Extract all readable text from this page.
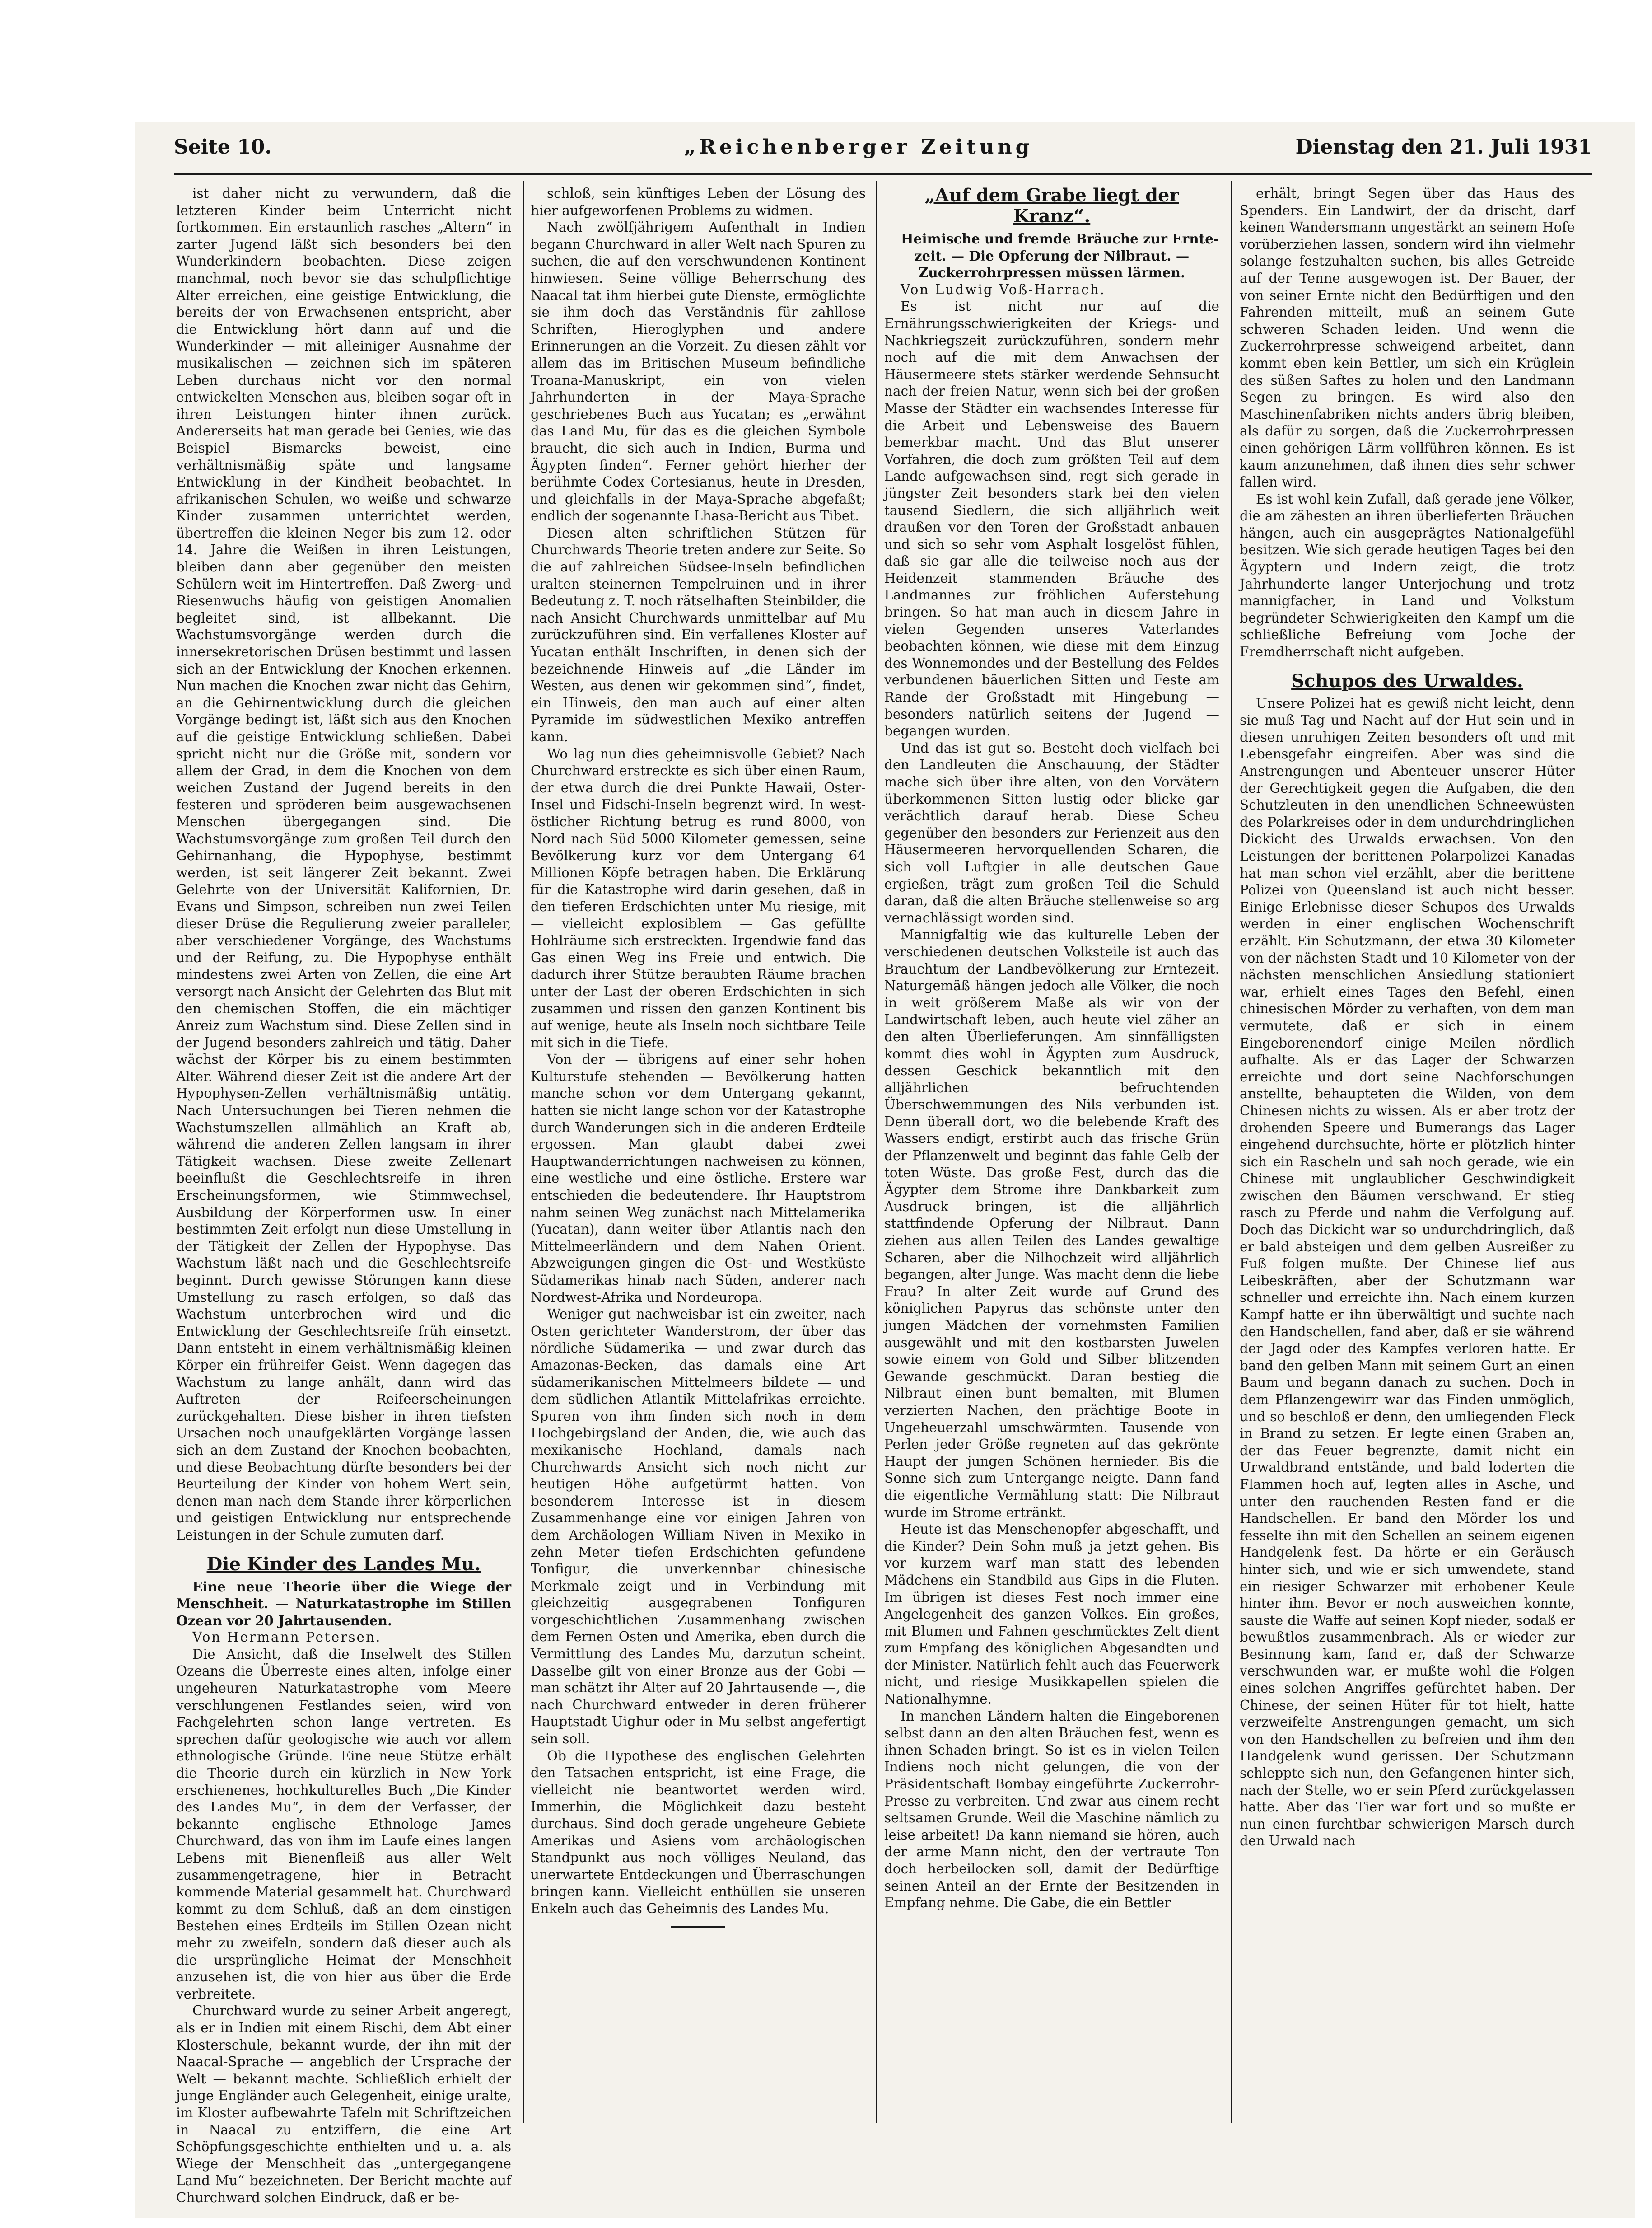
Seite 10.	„Reichenberger Zeitung	Dienstag den 21. Juli 1931

ist daher nicht zu verwundern, daß die letzteren Kinder beim Unterricht nicht fortkommen. Ein erstaunlich rasches „Altern“ in zarter Jugend läßt sich besonders bei den Wunderkindern beobachten. Diese zeigen manchmal, noch bevor sie das schulpflichtige Alter erreichen, eine geistige Entwicklung, die bereits der von Erwachsenen entspricht, aber die Entwicklung hört dann auf und die Wunderkinder — mit alleiniger Ausnahme der musikalischen — zeichnen sich im späteren Leben durchaus nicht vor den normal entwickelten Menschen aus, bleiben sogar oft in ihren Leistungen hinter ihnen zurück. Andererseits hat man gerade bei Genies, wie das Beispiel Bismarcks beweist, eine verhältnismäßig späte und langsame Entwicklung in der Kindheit beobachtet. In afrikanischen Schulen, wo weiße und schwarze Kinder zusammen unterrichtet werden, übertreffen die kleinen Neger bis zum 12. oder 14. Jahre die Weißen in ihren Leistungen, bleiben dann aber gegenüber den meisten Schülern weit im Hintertreffen. Daß Zwerg- und Riesenwuchs häufig von geistigen Anomalien begleitet sind, ist allbekannt. Die Wachstumsvorgänge werden durch die innersekretorischen Drüsen bestimmt und lassen sich an der Entwicklung der Knochen erkennen. Nun machen die Knochen zwar nicht das Gehirn, an die Gehirnentwicklung durch die gleichen Vorgänge bedingt ist, läßt sich aus den Knochen auf die geistige Entwicklung schließen. Dabei spricht nicht nur die Größe mit, sondern vor allem der Grad, in dem die Knochen von dem weichen Zustand der Jugend bereits in den festeren und spröderen beim ausgewachsenen Menschen übergegangen sind. Die Wachstumsvorgänge zum großen Teil durch den Gehirnanhang, die Hypophyse, bestimmt werden, ist seit längerer Zeit bekannt. Zwei Gelehrte von der Universität Kalifornien, Dr. Evans und Simpson, schreiben nun zwei Teilen dieser Drüse die Regulierung zweier paralleler, aber verschiedener Vorgänge, des Wachstums und der Reifung, zu. Die Hypophyse enthält mindestens zwei Arten von Zellen, die eine Art versorgt nach Ansicht der Gelehrten das Blut mit den chemischen Stoffen, die ein mächtiger Anreiz zum Wachstum sind. Diese Zellen sind in der Jugend besonders zahlreich und tätig. Daher wächst der Körper bis zu einem bestimmten Alter. Während dieser Zeit ist die andere Art der Hypophysen-Zellen verhältnismäßig untätig. Nach Untersuchungen bei Tieren nehmen die Wachstumszellen allmählich an Kraft ab, während die anderen Zellen langsam in ihrer Tätigkeit wachsen. Diese zweite Zellenart beeinflußt die Geschlechtsreife in ihren Erscheinungsformen, wie Stimmwechsel, Ausbildung der Körperformen usw. In einer bestimmten Zeit erfolgt nun diese Umstellung in der Tätigkeit der Zellen der Hypophyse. Das Wachstum läßt nach und die Geschlechtsreife beginnt. Durch gewisse Störungen kann diese Umstellung zu rasch erfolgen, so daß das Wachstum unterbrochen wird und die Entwicklung der Geschlechtsreife früh einsetzt. Dann entsteht in einem verhältnismäßig kleinen Körper ein frühreifer Geist. Wenn dagegen das Wachstum zu lange anhält, dann wird das Auftreten der Reifeerscheinungen zurückgehalten. Diese bisher in ihren tiefsten Ursachen noch unaufgeklärten Vorgänge lassen sich an dem Zustand der Knochen beobachten, und diese Beobachtung dürfte besonders bei der Beurteilung der Kinder von hohem Wert sein, denen man nach dem Stande ihrer körperlichen und geistigen Entwicklung nur entsprechende Leistungen in der Schule zumuten darf.

Die Kinder des Landes Mu.

Eine neue Theorie über die Wiege der Menschheit. — Naturkatastrophe im Stillen Ozean vor 20 Jahrtausenden.

Von Hermann Petersen.

Die Ansicht, daß die Inselwelt des Stillen Ozeans die Überreste eines alten, infolge einer ungeheuren Naturkatastrophe vom Meere verschlungenen Festlandes seien, wird von Fachgelehrten schon lange vertreten. Es sprechen dafür geologische wie auch vor allem ethnologische Gründe. Eine neue Stütze erhält die Theorie durch ein kürzlich in New York erschienenes, hochkulturelles Buch „Die Kinder des Landes Mu“, in dem der Verfasser, der bekannte englische Ethnologe James Churchward, das von ihm im Laufe eines langen Lebens mit Bienenfleiß aus aller Welt zusammengetragene, hier in Betracht kommende Material gesammelt hat. Churchward kommt zu dem Schluß, daß an dem einstigen Bestehen eines Erdteils im Stillen Ozean nicht mehr zu zweifeln, sondern daß dieser auch als die ursprüngliche Heimat der Menschheit anzusehen ist, die von hier aus über die Erde verbreitete.

Churchward wurde zu seiner Arbeit angeregt, als er in Indien mit einem Rischi, dem Abt einer Klosterschule, bekannt wurde, der ihn mit der Naacal-Sprache — angeblich der Ursprache der Welt — bekannt machte. Schließlich erhielt der junge Engländer auch Gelegenheit, einige uralte, im Kloster aufbewahrte Tafeln mit Schriftzeichen in Naacal zu entziffern, die eine Art Schöpfungsgeschichte enthielten und u. a. als Wiege der Menschheit das „untergegangene Land Mu“ bezeichneten. Der Bericht machte auf Churchward solchen Eindruck, daß er be-

schloß, sein künftiges Leben der Lösung des hier aufgeworfenen Problems zu widmen.

Nach zwölfjährigem Aufenthalt in Indien begann Churchward in aller Welt nach Spuren zu suchen, die auf den verschwundenen Kontinent hinwiesen. Seine völlige Beherrschung des Naacal tat ihm hierbei gute Dienste, ermöglichte sie ihm doch das Verständnis für zahllose Schriften, Hieroglyphen und andere Erinnerungen an die Vorzeit. Zu diesen zählt vor allem das im Britischen Museum befindliche Troana-Manuskript, ein von vielen Jahrhunderten in der Maya-Sprache geschriebenes Buch aus Yucatan; es „erwähnt das Land Mu, für das es die gleichen Symbole braucht, die sich auch in Indien, Burma und Ägypten finden“. Ferner gehört hierher der berühmte Codex Cortesianus, heute in Dresden, und gleichfalls in der Maya-Sprache abgefaßt; endlich der sogenannte Lhasa-Bericht aus Tibet.

Diesen alten schriftlichen Stützen für Churchwards Theorie treten andere zur Seite. So die auf zahlreichen Südsee-Inseln befindlichen uralten steinernen Tempelruinen und in ihrer Bedeutung z. T. noch rätselhaften Steinbilder, die nach Ansicht Churchwards unmittelbar auf Mu zurückzuführen sind. Ein verfallenes Kloster auf Yucatan enthält Inschriften, in denen sich der bezeichnende Hinweis auf „die Länder im Westen, aus denen wir gekommen sind“, findet, ein Hinweis, den man auch auf einer alten Pyramide im südwestlichen Mexiko antreffen kann.

Wo lag nun dies geheimnisvolle Gebiet? Nach Churchward erstreckte es sich über einen Raum, der etwa durch die drei Punkte Hawaii, Oster-Insel und Fidschi-Inseln begrenzt wird. In west-östlicher Richtung betrug es rund 8000, von Nord nach Süd 5000 Kilometer gemessen, seine Bevölkerung kurz vor dem Untergang 64 Millionen Köpfe betragen haben. Die Erklärung für die Katastrophe wird darin gesehen, daß in den tieferen Erdschichten unter Mu riesige, mit — vielleicht explosiblem — Gas gefüllte Hohlräume sich erstreckten. Irgendwie fand das Gas einen Weg ins Freie und entwich. Die dadurch ihrer Stütze beraubten Räume brachen unter der Last der oberen Erdschichten in sich zusammen und rissen den ganzen Kontinent bis auf wenige, heute als Inseln noch sichtbare Teile mit sich in die Tiefe.

Von der — übrigens auf einer sehr hohen Kulturstufe stehenden — Bevölkerung hatten manche schon vor dem Untergang gekannt, hatten sie nicht lange schon vor der Katastrophe durch Wanderungen sich in die anderen Erdteile ergossen. Man glaubt dabei zwei Hauptwanderrichtungen nachweisen zu können, eine westliche und eine östliche. Erstere war entschieden die bedeutendere. Ihr Hauptstrom nahm seinen Weg zunächst nach Mittelamerika (Yucatan), dann weiter über Atlantis nach den Mittelmeerländern und dem Nahen Orient. Abzweigungen gingen die Ost- und Westküste Südamerikas hinab nach Süden, anderer nach Nordwest-Afrika und Nordeuropa.

Weniger gut nachweisbar ist ein zweiter, nach Osten gerichteter Wanderstrom, der über das nördliche Südamerika — und zwar durch das Amazonas-Becken, das damals eine Art südamerikanischen Mittelmeers bildete — und dem südlichen Atlantik Mittelafrikas erreichte. Spuren von ihm finden sich noch in dem Hochgebirgsland der Anden, die, wie auch das mexikanische Hochland, damals nach Churchwards Ansicht sich noch nicht zur heutigen Höhe aufgetürmt hatten. Von besonderem Interesse ist in diesem Zusammenhange eine vor einigen Jahren von dem Archäologen William Niven in Mexiko in zehn Meter tiefen Erdschichten gefundene Tonfigur, die unverkennbar chinesische Merkmale zeigt und in Verbindung mit gleichzeitig ausgegrabenen Tonfiguren vorgeschichtlichen Zusammenhang zwischen dem Fernen Osten und Amerika, eben durch die Vermittlung des Landes Mu, darzutun scheint. Dasselbe gilt von einer Bronze aus der Gobi — man schätzt ihr Alter auf 20 Jahrtausende —, die nach Churchward entweder in deren früherer Hauptstadt Uighur oder in Mu selbst angefertigt sein soll.

Ob die Hypothese des englischen Gelehrten den Tatsachen entspricht, ist eine Frage, die vielleicht nie beantwortet werden wird. Immerhin, die Möglichkeit dazu besteht durchaus. Sind doch gerade ungeheure Gebiete Amerikas und Asiens vom archäologischen Standpunkt aus noch völliges Neuland, das unerwartete Entdeckungen und Überraschungen bringen kann. Vielleicht enthüllen sie unseren Enkeln auch das Geheimnis des Landes Mu.

„Auf dem Grabe liegt der Kranz“.

Heimische und fremde Bräuche zur Ernte-zeit. — Die Opferung der Nilbraut. — Zuckerrohrpressen müssen lärmen.

Von Ludwig Voß-Harrach.

Es ist nicht nur auf die Ernährungsschwierigkeiten der Kriegs- und Nachkriegszeit zurückzuführen, sondern mehr noch auf die mit dem Anwachsen der Häusermeere stets stärker werdende Sehnsucht nach der freien Natur, wenn sich bei der großen Masse der Städter ein wachsendes Interesse für die Arbeit und Lebensweise des Bauern bemerkbar macht. Und das Blut unserer Vorfahren, die doch zum größten Teil auf dem Lande aufgewachsen sind, regt sich gerade in jüngster Zeit besonders stark bei den vielen tausend Siedlern, die sich alljährlich weit draußen vor den Toren der Großstadt anbauen und sich so sehr vom Asphalt losgelöst fühlen, daß sie gar alle die teilweise noch aus der Heidenzeit stammenden Bräuche des Landmannes zur fröhlichen Auferstehung bringen. So hat man auch in diesem Jahre in vielen Gegenden unseres Vaterlandes beobachten können, wie diese mit dem Einzug des Wonnemondes und der Bestellung des Feldes verbundenen bäuerlichen Sitten und Feste am Rande der Großstadt mit Hingebung — besonders natürlich seitens der Jugend — begangen wurden.

Und das ist gut so. Besteht doch vielfach bei den Landleuten die Anschauung, der Städter mache sich über ihre alten, von den Vorvätern überkommenen Sitten lustig oder blicke gar verächtlich darauf herab. Diese Scheu gegenüber den besonders zur Ferienzeit aus den Häusermeeren hervorquellenden Scharen, die sich voll Luftgier in alle deutschen Gaue ergießen, trägt zum großen Teil die Schuld daran, daß die alten Bräuche stellenweise so arg vernachlässigt worden sind.

Mannigfaltig wie das kulturelle Leben der verschiedenen deutschen Volksteile ist auch das Brauchtum der Landbevölkerung zur Erntezeit. Naturgemäß hängen jedoch alle Völker, die noch in weit größerem Maße als wir von der Landwirtschaft leben, auch heute viel zäher an den alten Überlieferungen. Am sinnfälligsten kommt dies wohl in Ägypten zum Ausdruck, dessen Geschick bekanntlich mit den alljährlichen befruchtenden Überschwemmungen des Nils verbunden ist. Denn überall dort, wo die belebende Kraft des Wassers endigt, erstirbt auch das frische Grün der Pflanzenwelt und beginnt das fahle Gelb der toten Wüste. Das große Fest, durch das die Ägypter dem Strome ihre Dankbarkeit zum Ausdruck bringen, ist die alljährlich stattfindende Opferung der Nilbraut. Dann ziehen aus allen Teilen des Landes gewaltige Scharen, aber die Nilhochzeit wird alljährlich begangen, alter Junge. Was macht denn die liebe Frau? In alter Zeit wurde auf Grund des königlichen Papyrus das schönste unter den jungen Mädchen der vornehmsten Familien ausgewählt und mit den kostbarsten Juwelen sowie einem von Gold und Silber blitzenden Gewande geschmückt. Daran bestieg die Nilbraut einen bunt bemalten, mit Blumen verzierten Nachen, den prächtige Boote in Ungeheuerzahl umschwärmten. Tausende von Perlen jeder Größe regneten auf das gekrönte Haupt der jungen Schönen hernieder. Bis die Sonne sich zum Untergange neigte. Dann fand die eigentliche Vermählung statt: Die Nilbraut wurde im Strome ertränkt.

Heute ist das Menschenopfer abgeschafft, und die Kinder? Dein Sohn muß ja jetzt gehen. Bis vor kurzem warf man statt des lebenden Mädchens ein Standbild aus Gips in die Fluten. Im übrigen ist dieses Fest noch immer eine Angelegenheit des ganzen Volkes. Ein großes, mit Blumen und Fahnen geschmücktes Zelt dient zum Empfang des königlichen Abgesandten und der Minister. Natürlich fehlt auch das Feuerwerk nicht, und riesige Musikkapellen spielen die Nationalhymne.

In manchen Ländern halten die Eingeborenen selbst dann an den alten Bräuchen fest, wenn es ihnen Schaden bringt. So ist es in vielen Teilen Indiens noch nicht gelungen, die von der Präsidentschaft Bombay eingeführte Zuckerrohr-Presse zu verbreiten. Und zwar aus einem recht seltsamen Grunde. Weil die Maschine nämlich zu leise arbeitet! Da kann niemand sie hören, auch der arme Mann nicht, den der vertraute Ton doch herbeilocken soll, damit der Bedürftige seinen Anteil an der Ernte der Besitzenden in Empfang nehme. Die Gabe, die ein Bettler

erhält, bringt Segen über das Haus des Spenders. Ein Landwirt, der da drischt, darf keinen Wandersmann ungestärkt an seinem Hofe vorüberziehen lassen, sondern wird ihn vielmehr solange festzuhalten suchen, bis alles Getreide auf der Tenne ausgewogen ist. Der Bauer, der von seiner Ernte nicht den Bedürftigen und den Fahrenden mitteilt, muß an seinem Gute schweren Schaden leiden. Und wenn die Zuckerrohrpresse schweigend arbeitet, dann kommt eben kein Bettler, um sich ein Krüglein des süßen Saftes zu holen und den Landmann Segen zu bringen. Es wird also den Maschinenfabriken nichts anders übrig bleiben, als dafür zu sorgen, daß die Zuckerrohrpressen einen gehörigen Lärm vollführen können. Es ist kaum anzunehmen, daß ihnen dies sehr schwer fallen wird.

Es ist wohl kein Zufall, daß gerade jene Völker, die am zähesten an ihren überlieferten Bräuchen hängen, auch ein ausgeprägtes Nationalgefühl besitzen. Wie sich gerade heutigen Tages bei den Ägyptern und Indern zeigt, die trotz Jahrhunderte langer Unterjochung und trotz mannigfacher, in Land und Volkstum begründeter Schwierigkeiten den Kampf um die schließliche Befreiung vom Joche der Fremdherrschaft nicht aufgeben.

Schupos des Urwaldes.

Unsere Polizei hat es gewiß nicht leicht, denn sie muß Tag und Nacht auf der Hut sein und in diesen unruhigen Zeiten besonders oft und mit Lebensgefahr eingreifen. Aber was sind die Anstrengungen und Abenteuer unserer Hüter der Gerechtigkeit gegen die Aufgaben, die den Schutzleuten in den unendlichen Schneewüsten des Polarkreises oder in dem undurchdringlichen Dickicht des Urwalds erwachsen. Von den Leistungen der berittenen Polarpolizei Kanadas hat man schon viel erzählt, aber die berittene Polizei von Queensland ist auch nicht besser. Einige Erlebnisse dieser Schupos des Urwalds werden in einer englischen Wochenschrift erzählt. Ein Schutzmann, der etwa 30 Kilometer von der nächsten Stadt und 10 Kilometer von der nächsten menschlichen Ansiedlung stationiert war, erhielt eines Tages den Befehl, einen chinesischen Mörder zu verhaften, von dem man vermutete, daß er sich in einem Eingeborenendorf einige Meilen nördlich aufhalte. Als er das Lager der Schwarzen erreichte und dort seine Nachforschungen anstellte, behaupteten die Wilden, von dem Chinesen nichts zu wissen. Als er aber trotz der drohenden Speere und Bumerangs das Lager eingehend durchsuchte, hörte er plötzlich hinter sich ein Rascheln und sah noch gerade, wie ein Chinese mit unglaublicher Geschwindigkeit zwischen den Bäumen verschwand. Er stieg rasch zu Pferde und nahm die Verfolgung auf. Doch das Dickicht war so undurchdringlich, daß er bald absteigen und dem gelben Ausreißer zu Fuß folgen mußte. Der Chinese lief aus Leibeskräften, aber der Schutzmann war schneller und erreichte ihn. Nach einem kurzen Kampf hatte er ihn überwältigt und suchte nach den Handschellen, fand aber, daß er sie während der Jagd oder des Kampfes verloren hatte. Er band den gelben Mann mit seinem Gurt an einen Baum und begann danach zu suchen. Doch in dem Pflanzengewirr war das Finden unmöglich, und so beschloß er denn, den umliegenden Fleck in Brand zu setzen. Er legte einen Graben an, der das Feuer begrenzte, damit nicht ein Urwaldbrand entstände, und bald loderten die Flammen hoch auf, legten alles in Asche, und unter den rauchenden Resten fand er die Handschellen. Er band den Mörder los und fesselte ihn mit den Schellen an seinem eigenen Handgelenk fest. Da hörte er ein Geräusch hinter sich, und wie er sich umwendete, stand ein riesiger Schwarzer mit erhobener Keule hinter ihm. Bevor er noch ausweichen konnte, sauste die Waffe auf seinen Kopf nieder, sodaß er bewußtlos zusammenbrach. Als er wieder zur Besinnung kam, fand er, daß der Schwarze verschwunden war, er mußte wohl die Folgen eines solchen Angriffes gefürchtet haben. Der Chinese, der seinen Hüter für tot hielt, hatte verzweifelte Anstrengungen gemacht, um sich von den Handschellen zu befreien und ihm den Handgelenk wund gerissen. Der Schutzmann schleppte sich nun, den Gefangenen hinter sich, nach der Stelle, wo er sein Pferd zurückgelassen hatte. Aber das Tier war fort und so mußte er nun einen furchtbar schwierigen Marsch durch den Urwald nach
